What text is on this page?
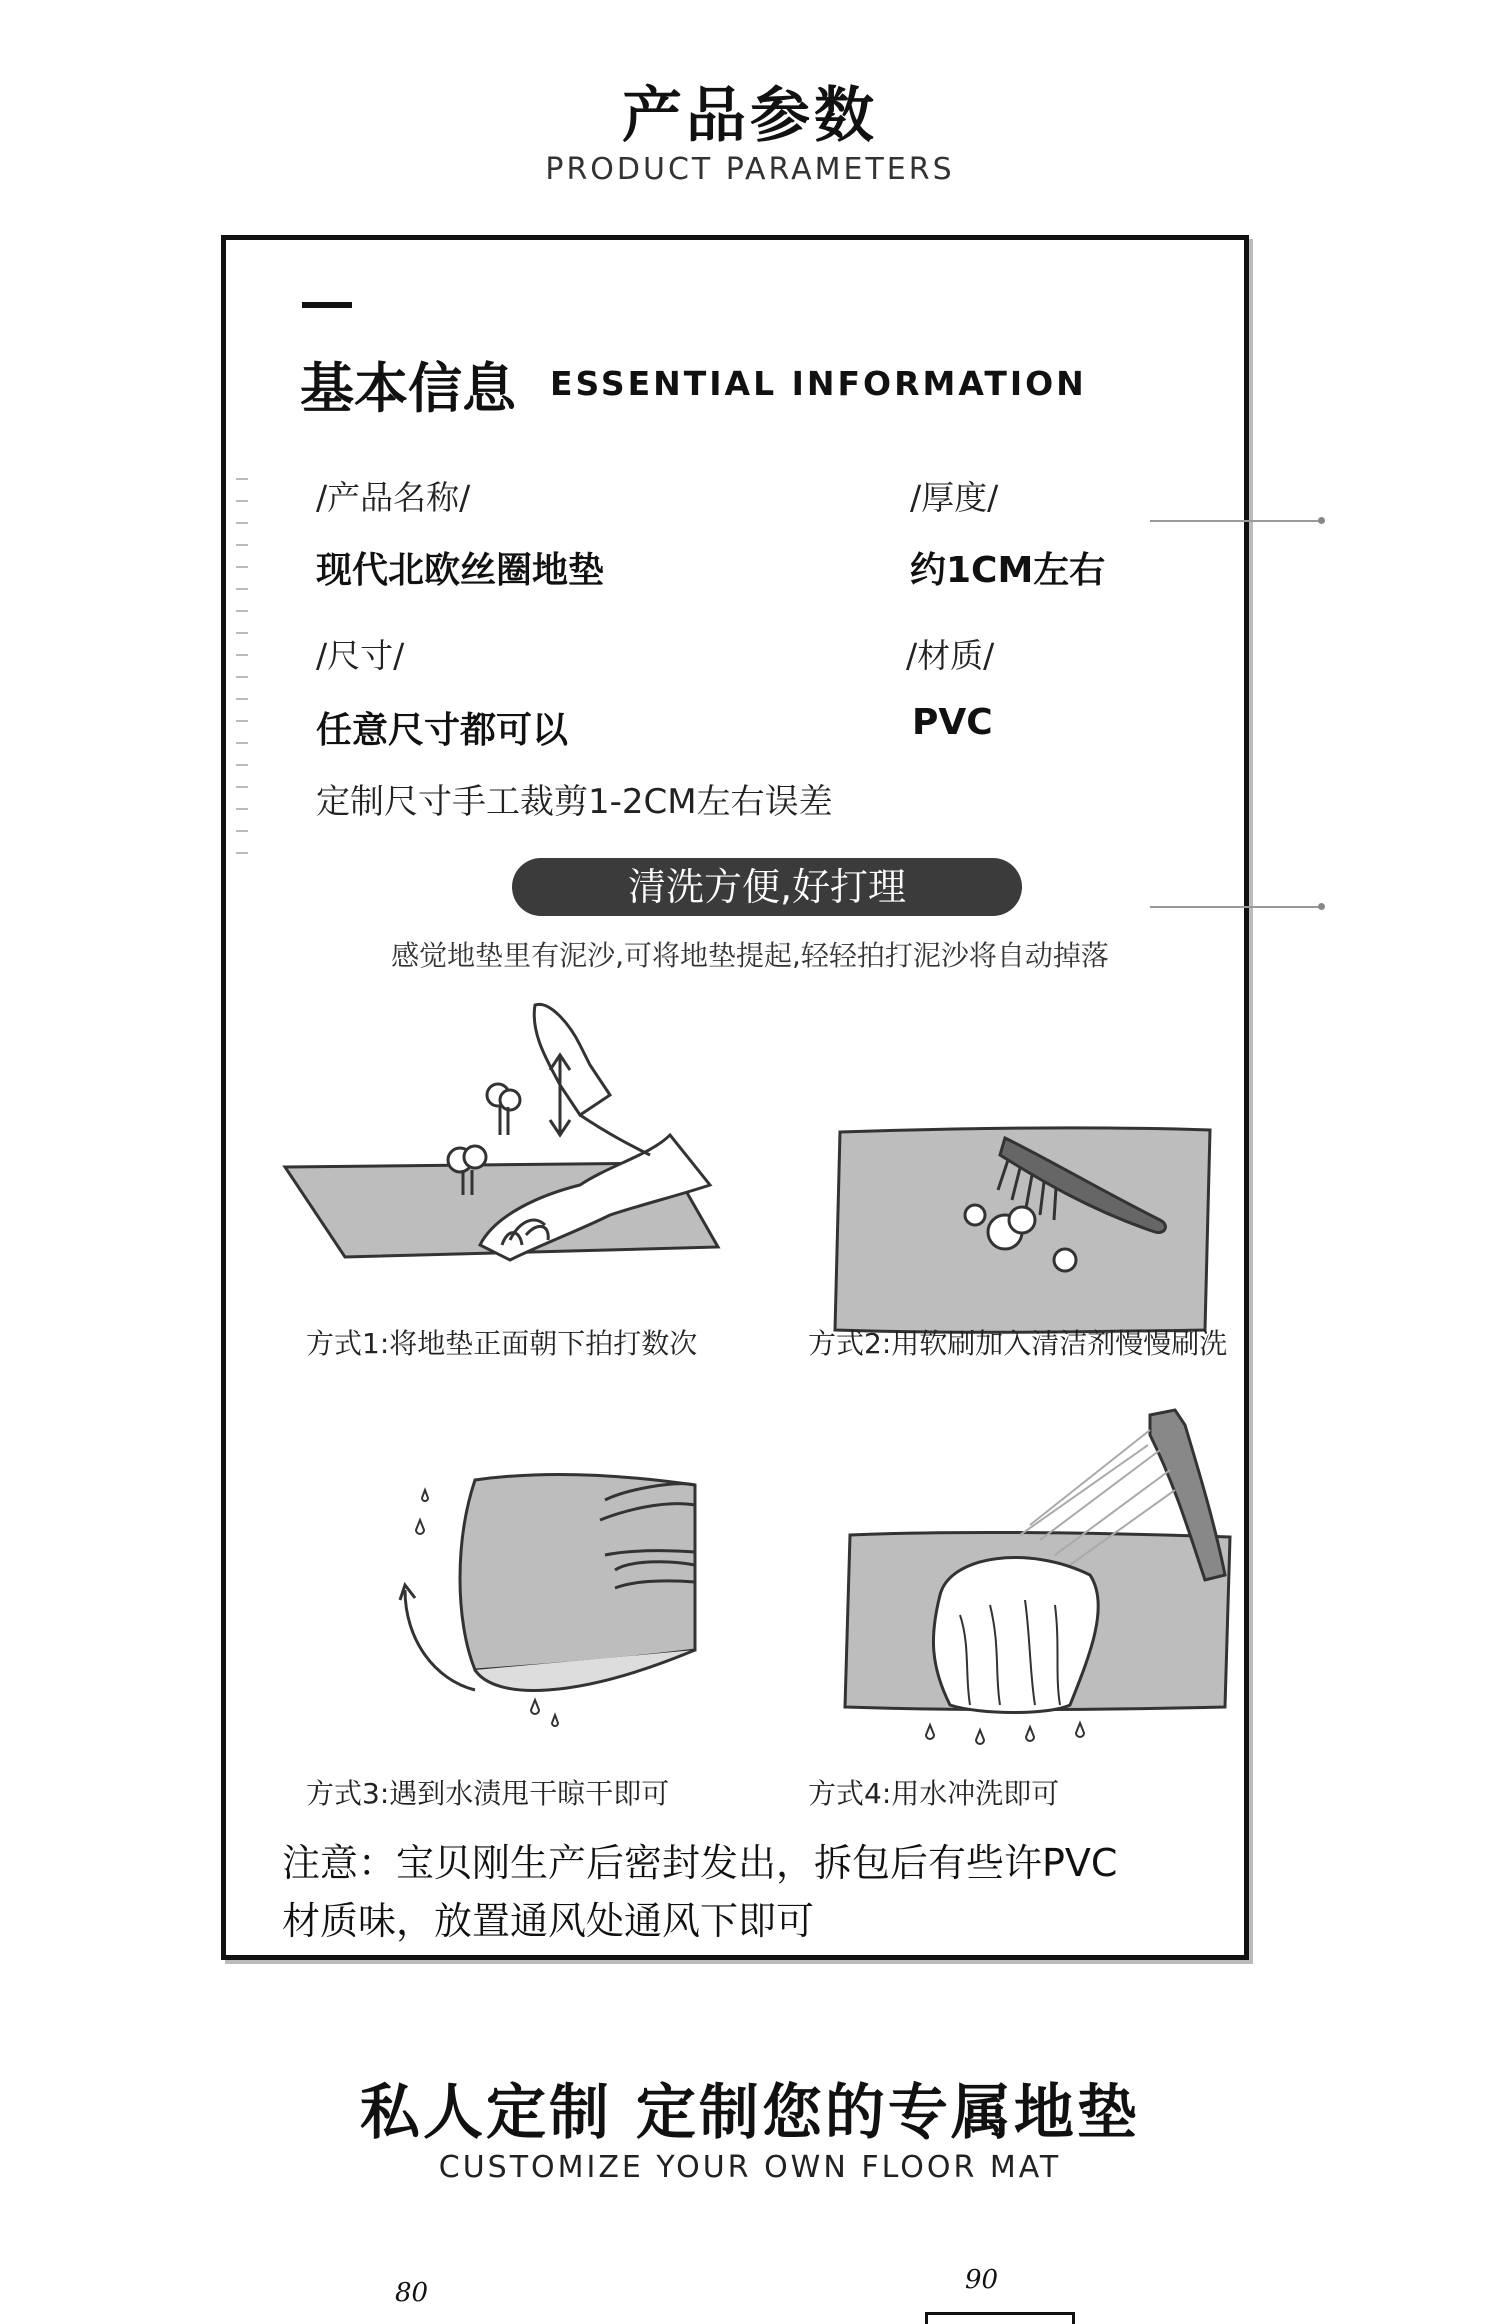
产品参数
PRODUCT PARAMETERS
基本信息 ESSENTIAL INFORMATION
/产品名称/
现代北欧丝圈地垫
/厚度/
约1CM左右
/尺寸/
任意尺寸都可以
/材质/
PVC
定制尺寸手工裁剪1-2CM左右误差
清洗方便,好打理
感觉地垫里有泥沙,可将地垫提起,轻轻拍打泥沙将自动掉落
方式1:将地垫正面朝下拍打数次	方式2:用软刷加入清洁剂慢慢刷洗
方式3:遇到水渍甩干晾干即可	方式4:用水冲洗即可
注意：宝贝刚生产后密封发出，拆包后有些许PVC
材质味，放置通风处通风下即可
私人定制 定制您的专属地垫
CUSTOMIZE YOUR OWN FLOOR MAT
80	90
